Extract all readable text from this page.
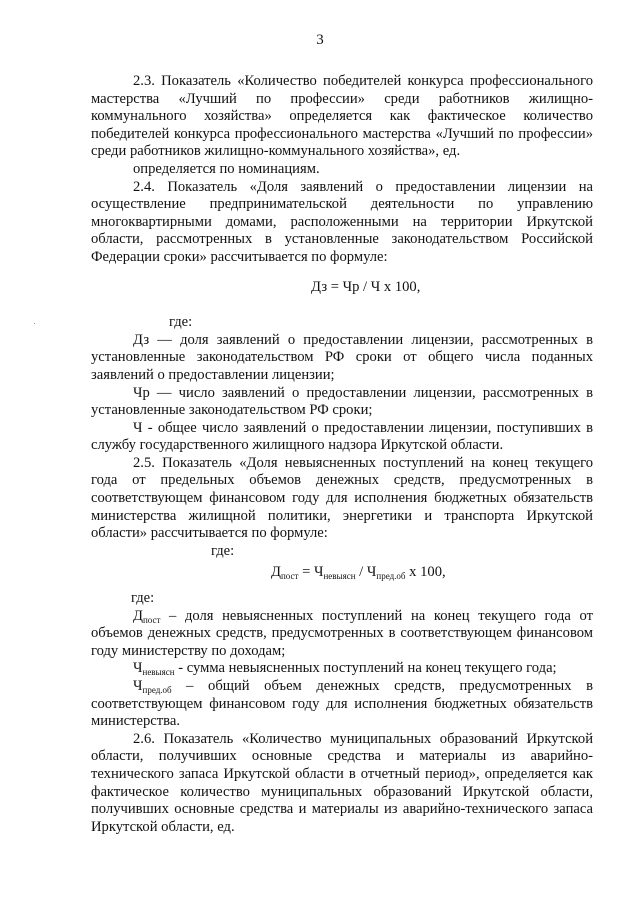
3

2.3. Показатель «Количество победителей конкурса профессионального мастерства «Лучший по профессии» среди работников жилищно-коммунального хозяйства» определяется как фактическое количество победителей конкурса профессионального мастерства «Лучший по профессии» среди работников жилищно-коммунального хозяйства», ед.

определяется по номинациям.

2.4. Показатель «Доля заявлений о предоставлении лицензии на осуществление предпринимательской деятельности по управлению многоквартирными домами, расположенными на территории Иркутской области, рассмотренных в установленные законодательством Российской Федерации сроки» рассчитывается по формуле:

Дз = Чр / Ч х 100,

где:

Дз — доля заявлений о предоставлении лицензии, рассмотренных в установленные законодательством РФ сроки от общего числа поданных заявлений о предоставлении лицензии;

Чр — число заявлений о предоставлении лицензии, рассмотренных в установленные законодательством РФ сроки;

Ч - общее число заявлений о предоставлении лицензии, поступивших в службу государственного жилищного надзора Иркутской области.

2.5. Показатель «Доля невыясненных поступлений на конец текущего года от предельных объемов денежных средств, предусмотренных в соответствующем финансовом году для исполнения бюджетных обязательств министерства жилищной политики, энергетики и транспорта Иркутской области» рассчитывается по формуле:

где:

$Д_{пост} = Ч_{невыясн} / Ч_{пред.об}$ х 100,

где:

$Д_{пост}$ – доля невыясненных поступлений на конец текущего года от объемов денежных средств, предусмотренных в соответствующем финансовом году министерству по доходам;

$Ч_{невыясн}$ - сумма невыясненных поступлений на конец текущего года;

$Ч_{пред.об}$ – общий объем денежных средств, предусмотренных в соответствующем финансовом году для исполнения бюджетных обязательств министерства.

2.6. Показатель «Количество муниципальных образований Иркутской области, получивших основные средства и материалы из аварийно-технического запаса Иркутской области в отчетный период», определяется как фактическое количество муниципальных образований Иркутской области, получивших основные средства и материалы из аварийно-технического запаса Иркутской области, ед.
